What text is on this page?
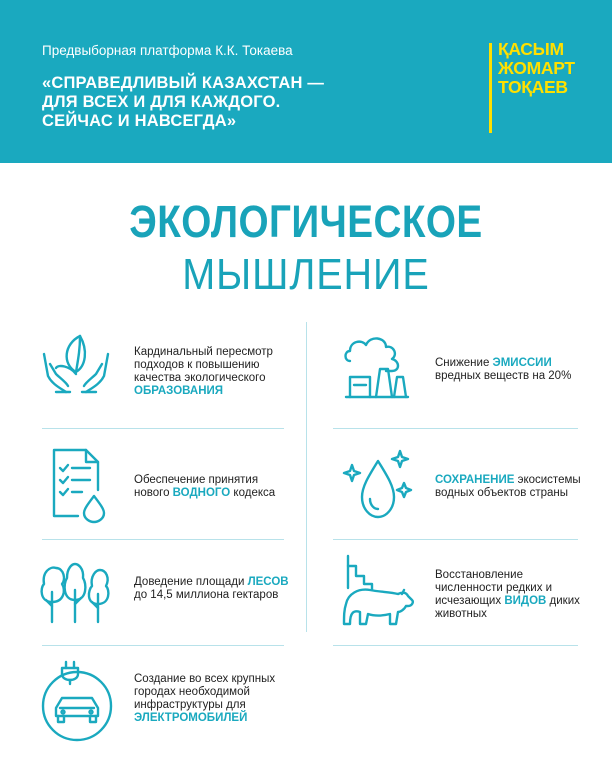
Предвыборная платформа К.К. Токаева
«СПРАВЕДЛИВЫЙ КАЗАХСТАН —
ДЛЯ ВСЕХ И ДЛЯ КАЖДОГО.
СЕЙЧАС И НАВСЕГДА»
ҚАСЫМ
ЖОМАРТ
ТОҚАЕВ
ЭКОЛОГИЧЕСКОЕ
МЫШЛЕНИЕ
Кардинальный пересмотр подходов к повышению качества экологического ОБРАЗОВАНИЯ
Снижение ЭМИССИИ вредных веществ на 20%
Обеспечение принятия нового ВОДНОГО кодекса
СОХРАНЕНИЕ экосистемы водных объектов страны
Доведение площади ЛЕСОВ до 14,5 миллиона гектаров
Восстановление численности редких и исчезающих ВИДОВ диких животных
Создание во всех крупных городах необходимой инфраструктуры для ЭЛЕКТРОМОБИЛЕЙ
